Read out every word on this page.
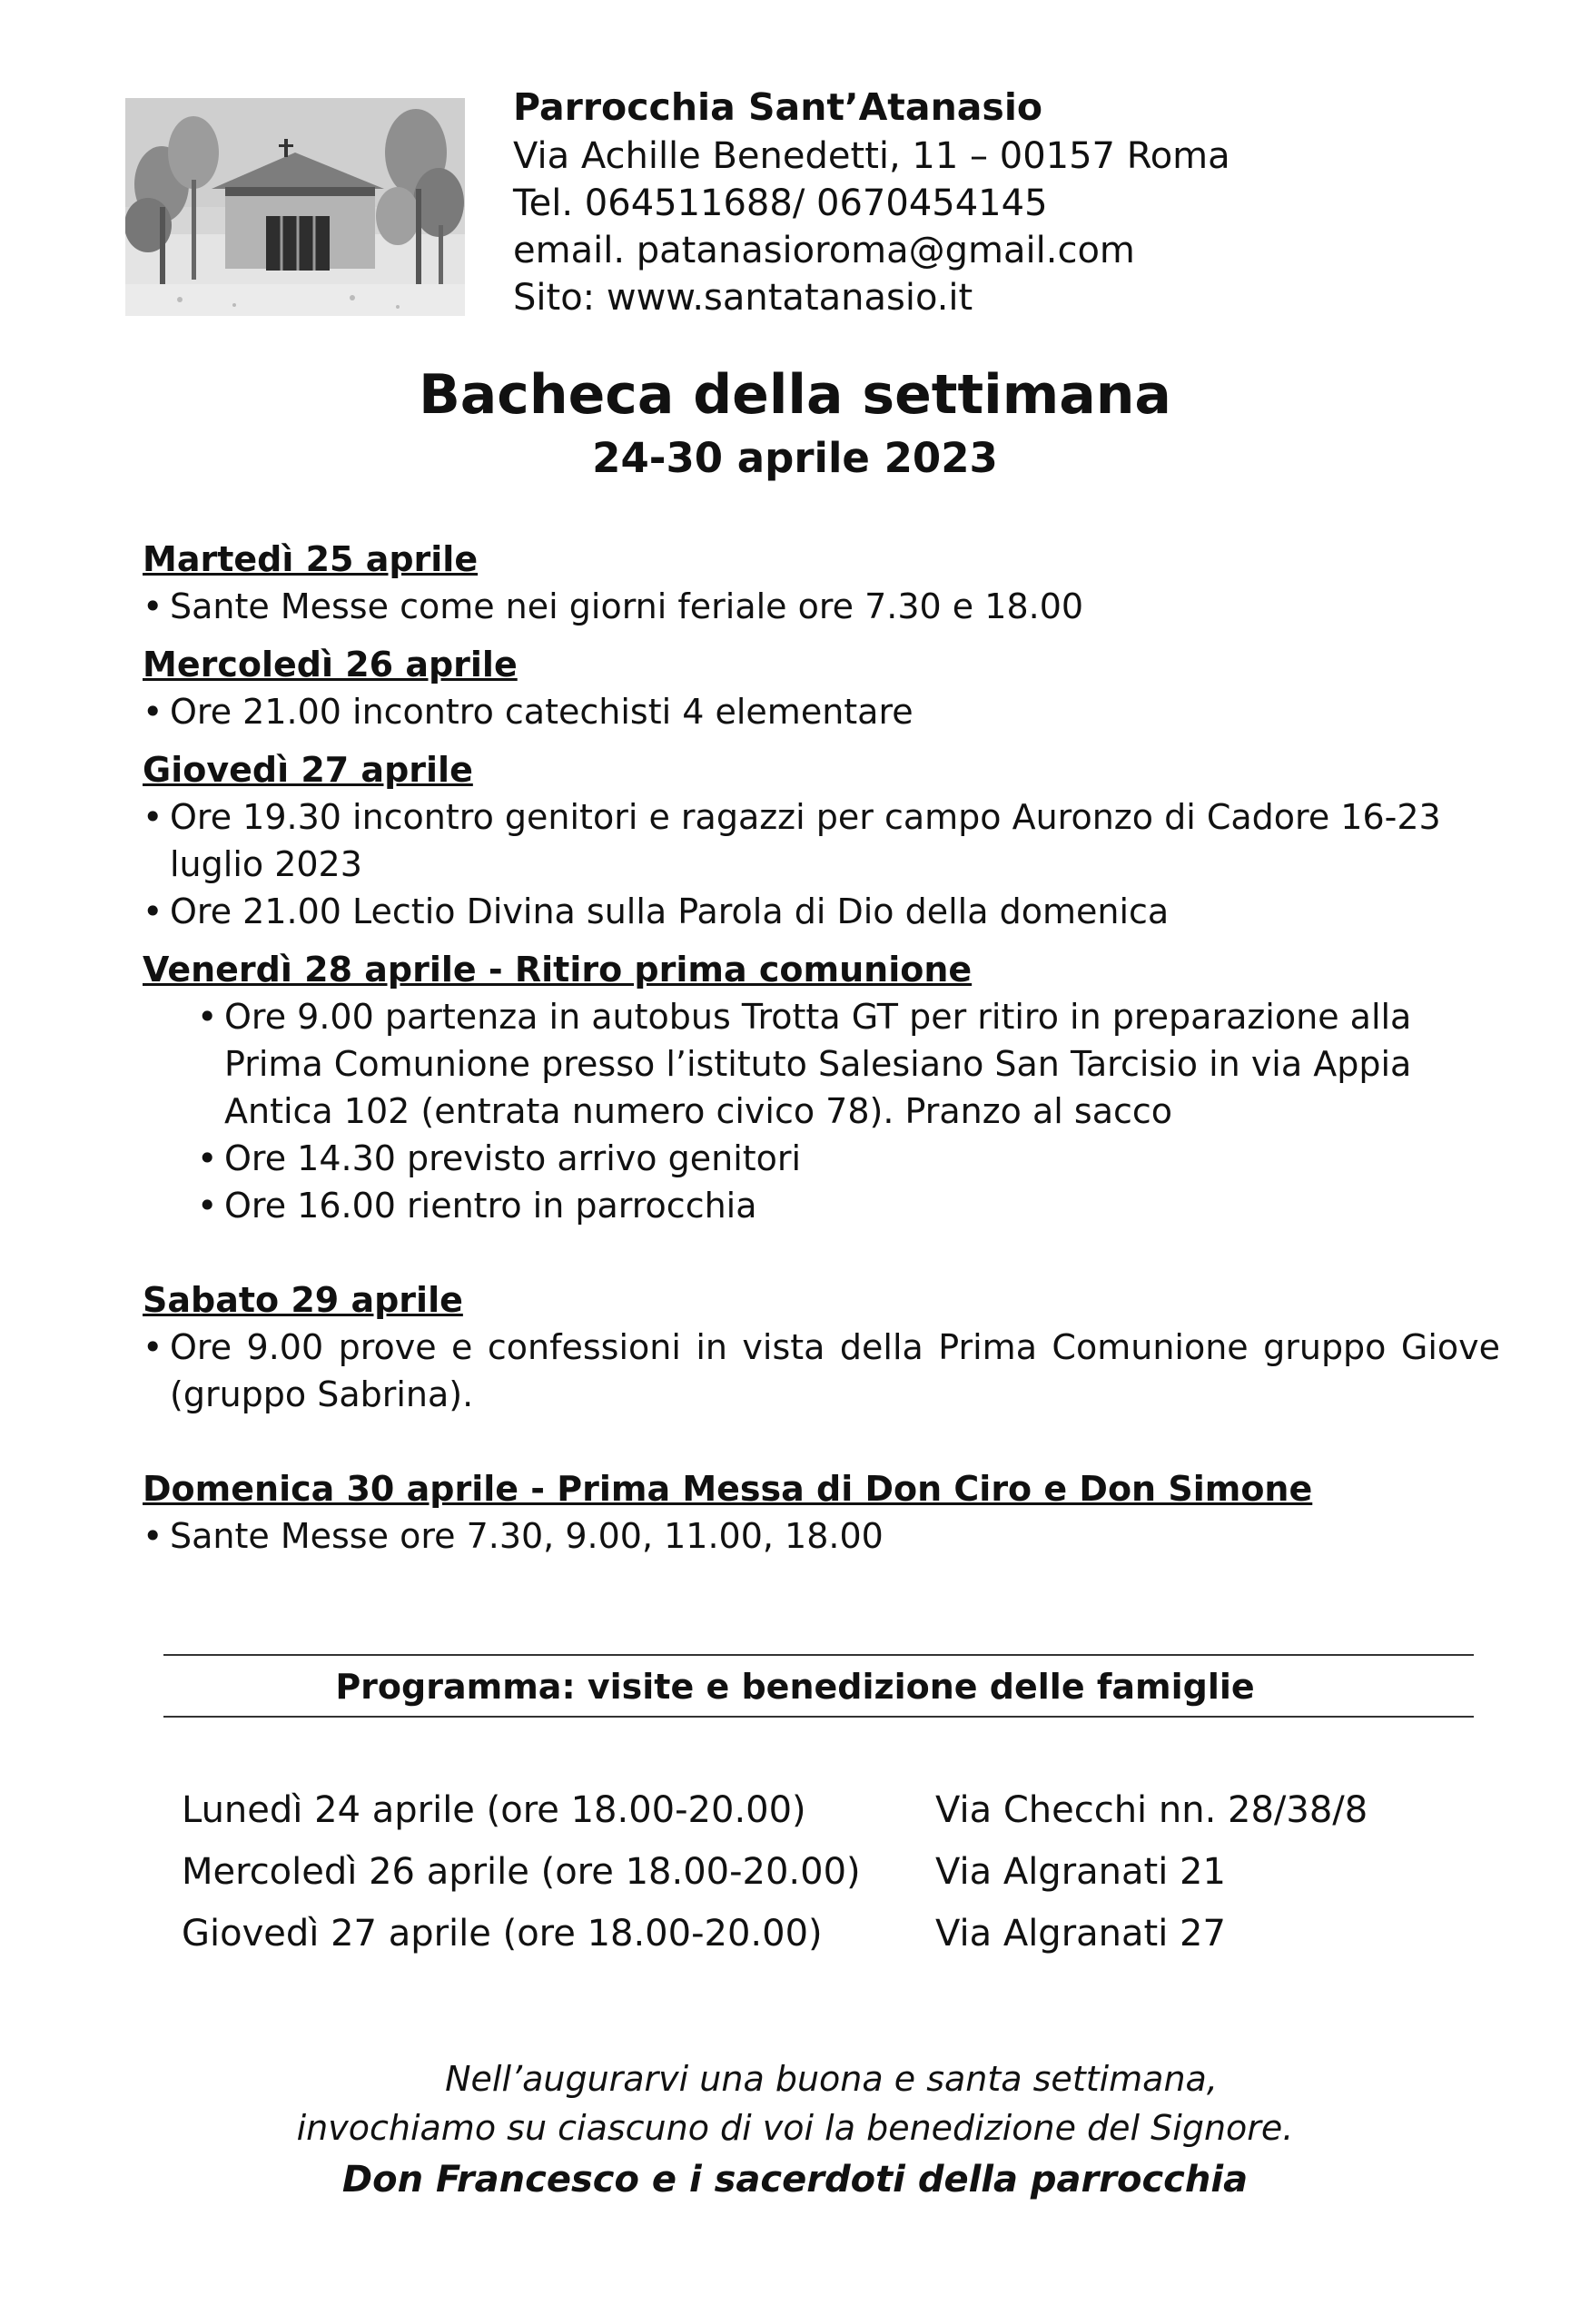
Parrocchia Sant’Atanasio
Via Achille Benedetti, 11 – 00157 Roma
Tel. 064511688/ 0670454145
email. patanasioroma@gmail.com
Sito: www.santatanasio.it
Bacheca della settimana
24-30 aprile 2023
Martedì 25 aprile
• Sante Messe come nei giorni feriale ore 7.30 e 18.00
Mercoledì 26 aprile
• Ore 21.00 incontro catechisti 4 elementare
Giovedì 27 aprile
• Ore 19.30 incontro genitori e ragazzi per campo Auronzo di Cadore 16-23 luglio 2023
• Ore 21.00 Lectio Divina sulla Parola di Dio della domenica
Venerdì 28 aprile - Ritiro prima comunione
• Ore 9.00 partenza in autobus Trotta GT per ritiro in preparazione alla Prima Comunione presso l’istituto Salesiano San Tarcisio in via Appia Antica 102 (entrata numero civico 78). Pranzo al sacco
• Ore 14.30 previsto arrivo genitori
• Ore 16.00 rientro in parrocchia
Sabato 29 aprile
• Ore 9.00 prove e confessioni in vista della Prima Comunione gruppo Giove (gruppo Sabrina).
Domenica 30 aprile - Prima Messa di Don Ciro e Don Simone
• Sante Messe ore 7.30, 9.00, 11.00, 18.00
Programma: visite e benedizione delle famiglie
Lunedì 24 aprile (ore 18.00-20.00)	Via Checchi nn. 28/38/8
Mercoledì 26 aprile (ore 18.00-20.00)	Via Algranati 21
Giovedì 27 aprile (ore 18.00-20.00)	Via Algranati 27
Nell’augurarvi una buona e santa settimana,
invochiamo su ciascuno di voi la benedizione del Signore.
Don Francesco e i sacerdoti della parrocchia
